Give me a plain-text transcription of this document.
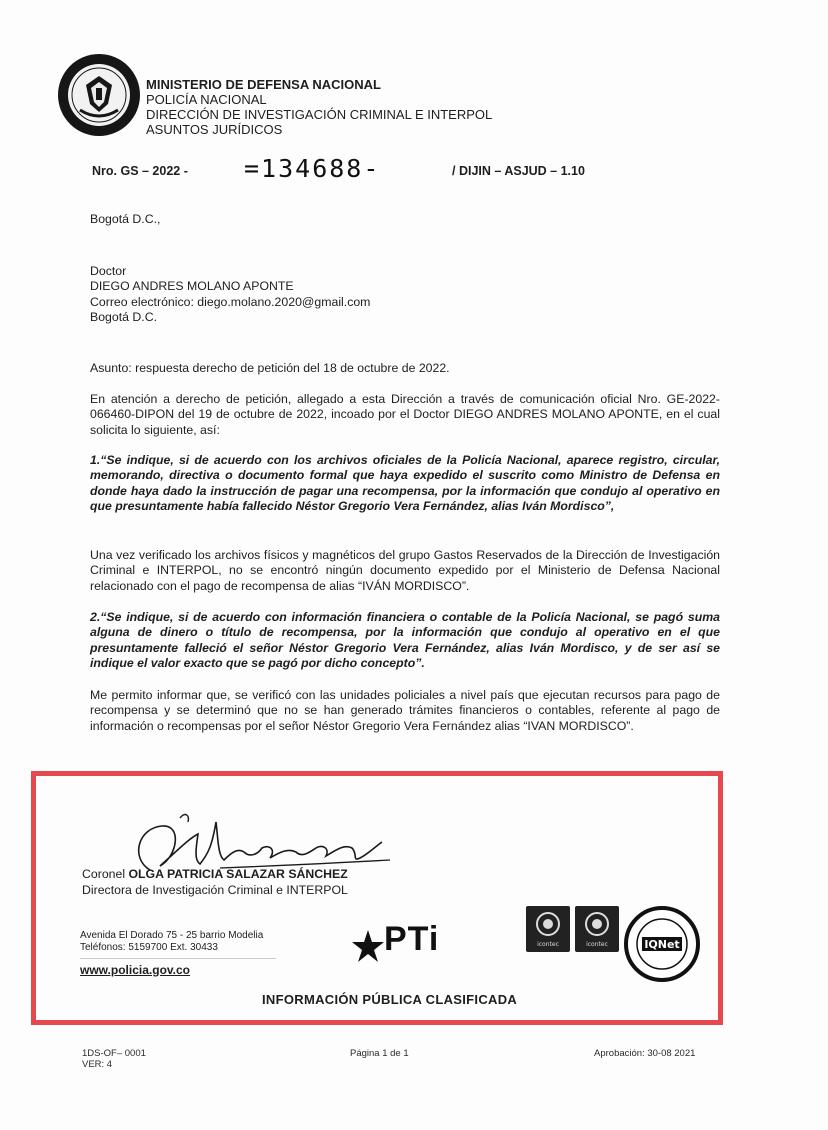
MINISTERIO DE DEFENSA NACIONAL
POLICÍA NACIONAL
DIRECCIÓN DE INVESTIGACIÓN CRIMINAL E INTERPOL
ASUNTOS JURÍDICOS
Nro. GS – 2022 - =134688-	/ DIJIN – ASJUD – 1.10
Bogotá D.C.,
Doctor
DIEGO ANDRES MOLANO APONTE
Correo electrónico: diego.molano.2020@gmail.com
Bogotá D.C.
Asunto: respuesta derecho de petición del 18 de octubre de 2022.
En atención a derecho de petición, allegado a esta Dirección a través de comunicación oficial Nro. GE-2022-066460-DIPON del 19 de octubre de 2022, incoado por el Doctor DIEGO ANDRES MOLANO APONTE, en el cual solicita lo siguiente, así:
1.“Se indique, si de acuerdo con los archivos oficiales de la Policía Nacional, aparece registro, circular, memorando, directiva o documento formal que haya expedido el suscrito como Ministro de Defensa en donde haya dado la instrucción de pagar una recompensa, por la información que condujo al operativo en que presuntamente había fallecido Néstor Gregorio Vera Fernández, alias Iván Mordisco”,
Una vez verificado los archivos físicos y magnéticos del grupo Gastos Reservados de la Dirección de Investigación Criminal e INTERPOL, no se encontró ningún documento expedido por el Ministerio de Defensa Nacional relacionado con el pago de recompensa de alias “IVÁN MORDISCO”.
2.“Se indique, si de acuerdo con información financiera o contable de la Policía Nacional, se pagó suma alguna de dinero o título de recompensa, por la información que condujo al operativo en el que presuntamente falleció el señor Néstor Gregorio Vera Fernández, alias Iván Mordisco, y de ser así se indique el valor exacto que se pagó por dicho concepto”.
Me permito informar que, se verificó con las unidades policiales a nivel país que ejecutan recursos para pago de recompensa y se determinó que no se han generado trámites financieros o contables, referente al pago de información o recompensas por el señor Néstor Gregorio Vera Fernández alias “IVAN MORDISCO”.
Coronel OLGA PATRICIA SALAZAR SÁNCHEZ
Directora de Investigación Criminal e INTERPOL
Avenida El Dorado 75 - 25 barrio Modelia
Teléfonos: 5159700 Ext. 30433
————————————————————————————
www.policia.gov.co
PTi	icontec	icontec	IQNet
INFORMACIÓN PÚBLICA CLASIFICADA
1DS-OF– 0001
VER: 4
Página 1 de 1	Aprobación: 30-08 2021
